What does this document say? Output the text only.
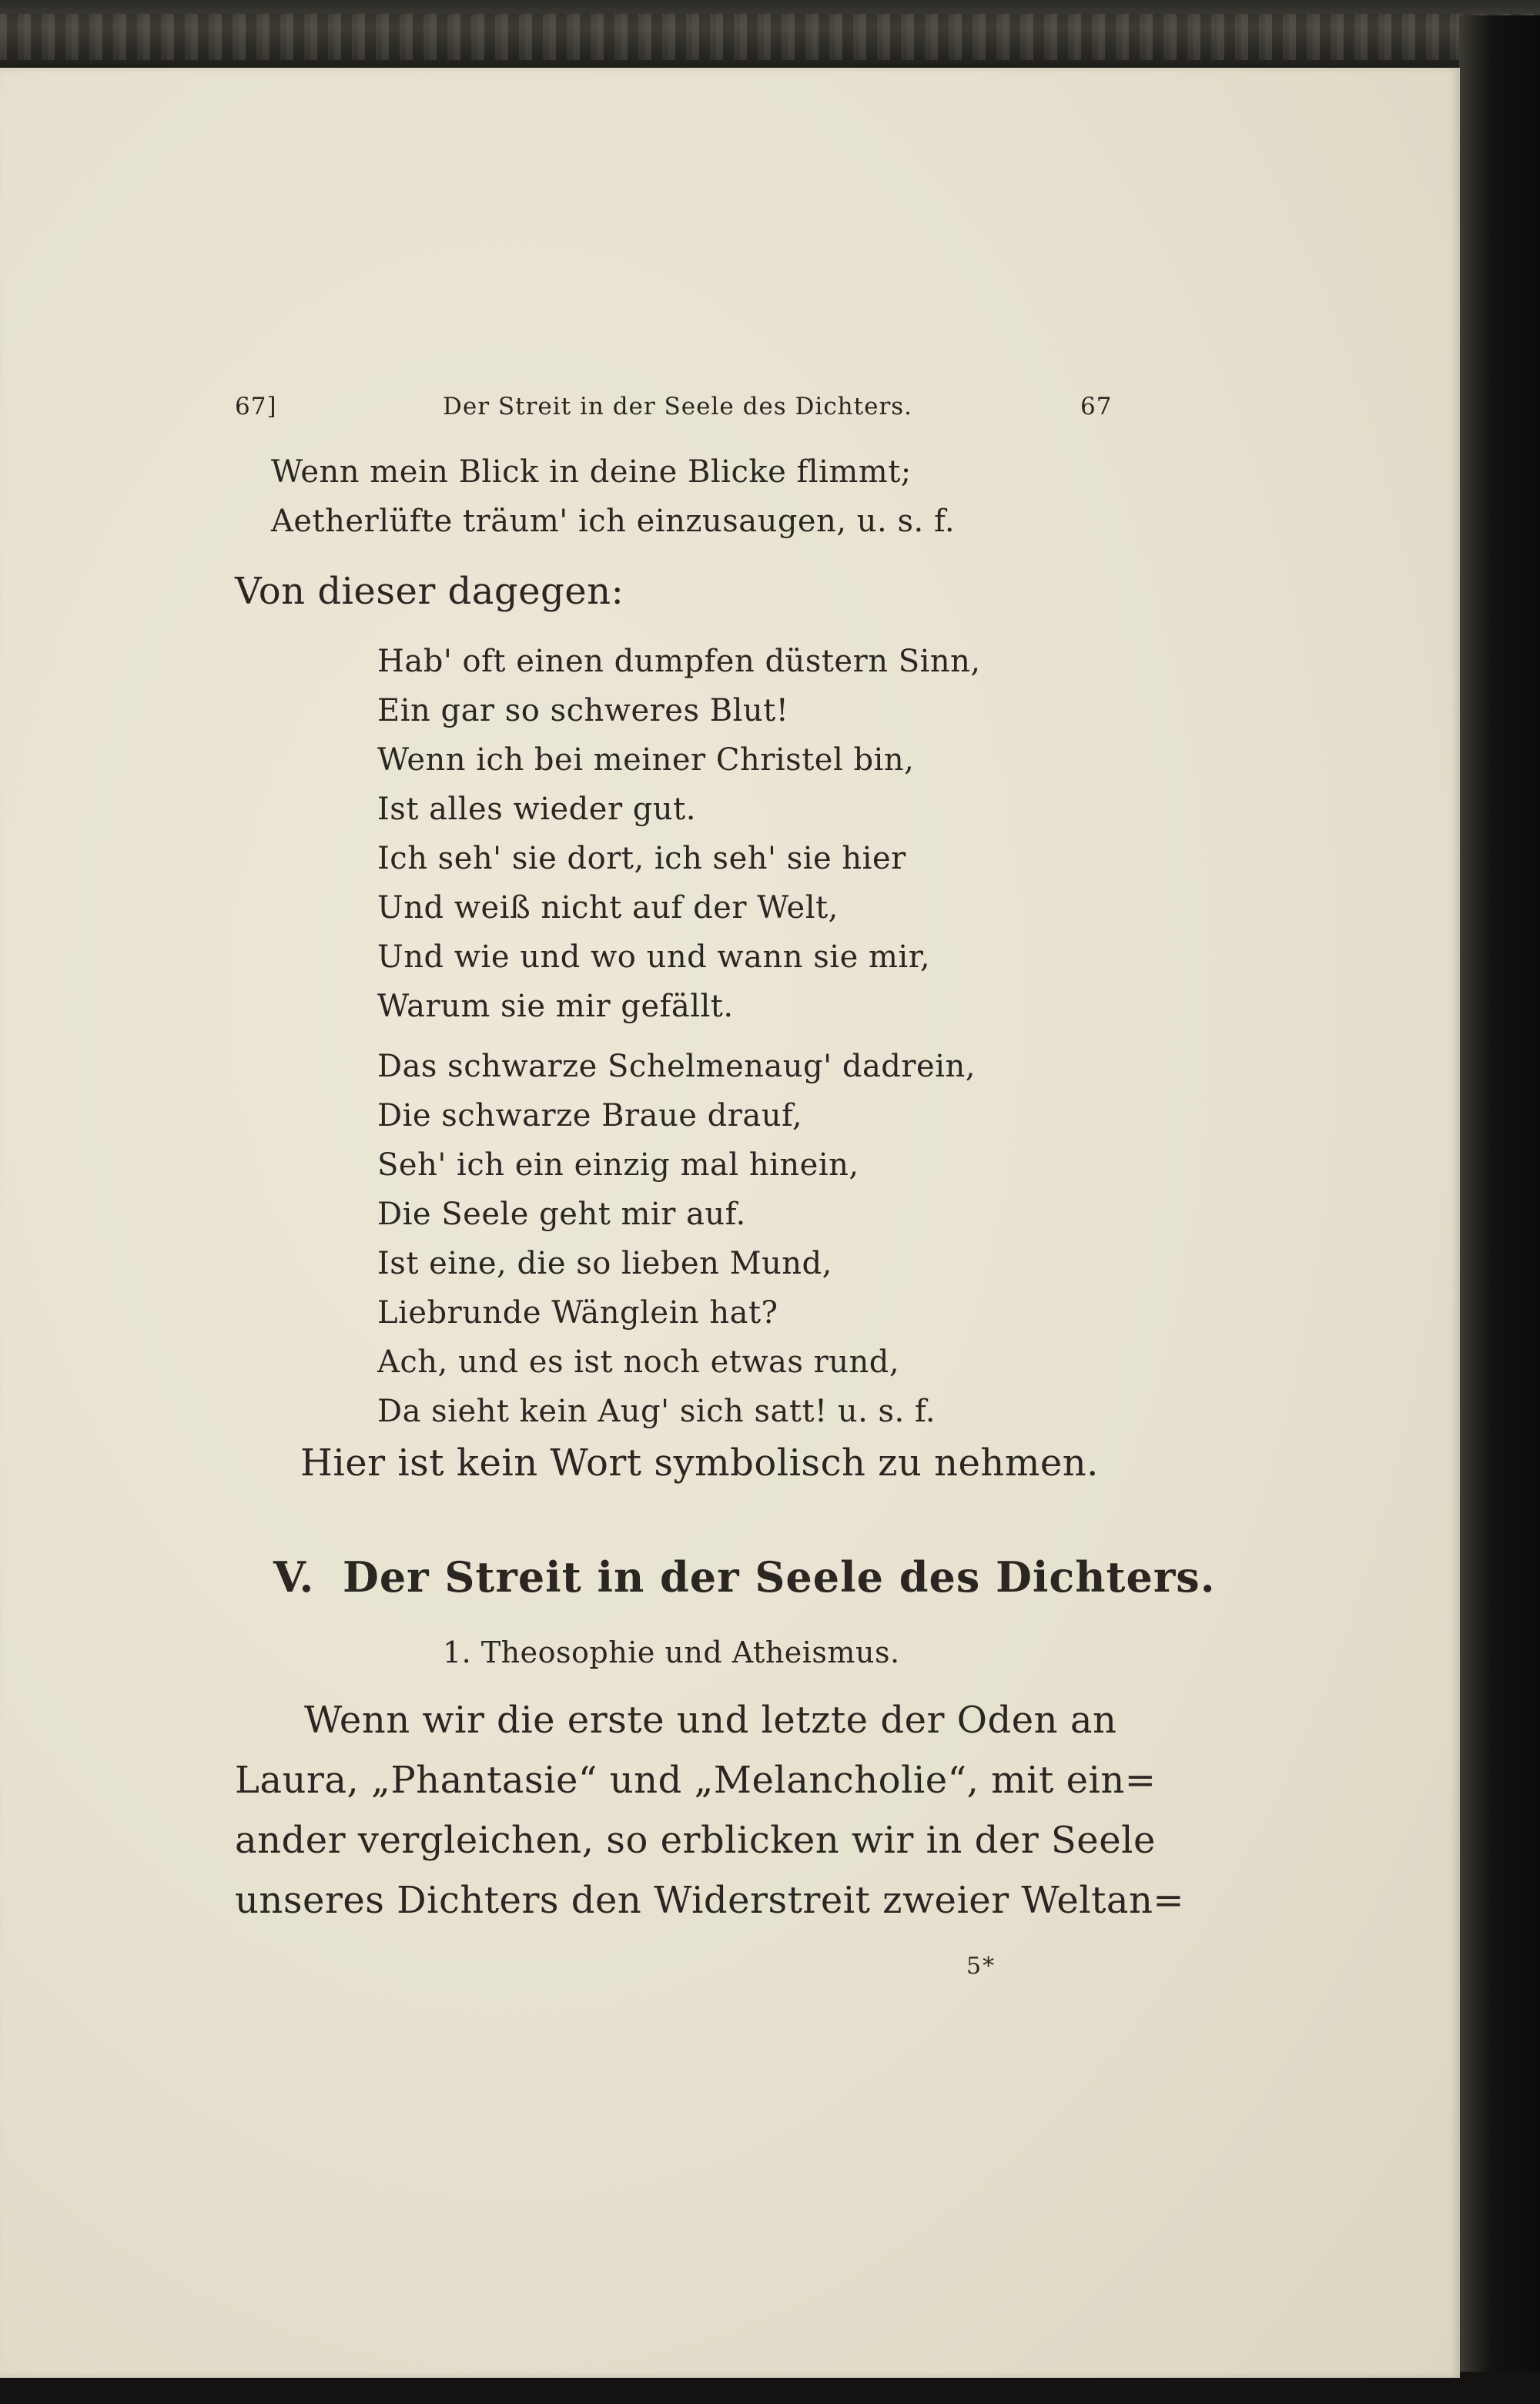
67]	Der Streit in der Seele des Dichters.	67
Wenn mein Blick in deine Blicke flimmt;
Aetherlüfte träum' ich einzusaugen, u. s. f.
Von dieser dagegen:
Hab' oft einen dumpfen düstern Sinn,
Ein gar so schweres Blut!
Wenn ich bei meiner Christel bin,
Ist alles wieder gut.
Ich seh' sie dort, ich seh' sie hier
Und weiß nicht auf der Welt,
Und wie und wo und wann sie mir,
Warum sie mir gefällt.
Das schwarze Schelmenaug' dadrein,
Die schwarze Braue drauf,
Seh' ich ein einzig mal hinein,
Die Seele geht mir auf.
Ist eine, die so lieben Mund,
Liebrunde Wänglein hat?
Ach, und es ist noch etwas rund,
Da sieht kein Aug' sich satt! u. s. f.
Hier ist kein Wort symbolisch zu nehmen.
V. Der Streit in der Seele des Dichters.
1. Theosophie und Atheismus.
Wenn wir die erste und letzte der Oden an
Laura, „Phantasie“ und „Melancholie“, mit ein=
ander vergleichen, so erblicken wir in der Seele
unseres Dichters den Widerstreit zweier Weltan=
5*
